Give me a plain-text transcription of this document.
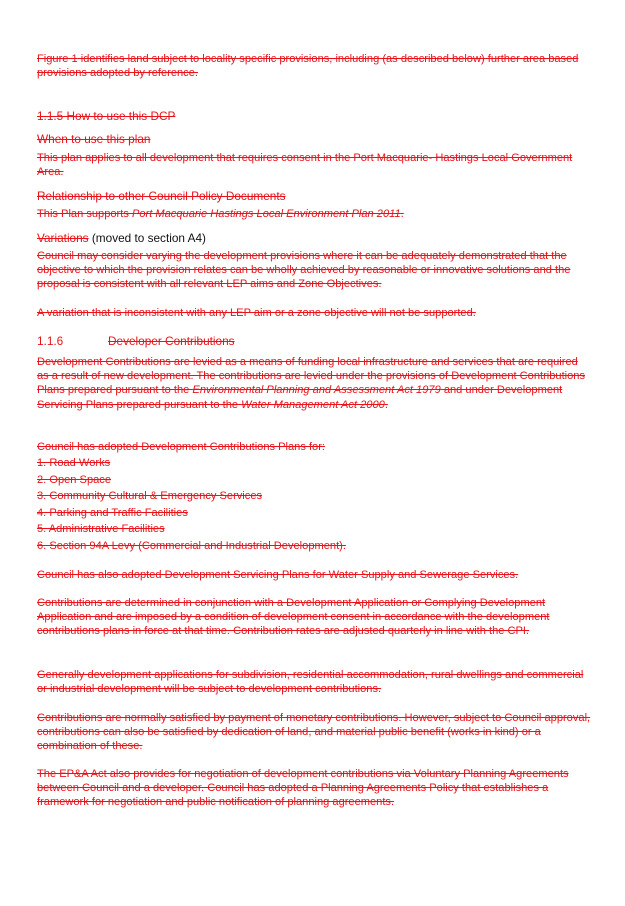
Figure 1 identifies land subject to locality specific provisions, including (as described below) further area based provisions adopted by reference.
1.1.5 How to use this DCP
When to use this plan
This plan applies to all development that requires consent in the Port Macquarie- Hastings Local Government Area.
Relationship to other Council Policy Documents
This Plan supports Port Macquarie Hastings Local Environment Plan 2011.
Variations (moved to section A4)
Council may consider varying the development provisions where it can be adequately demonstrated that the objective to which the provision relates can be wholly achieved by reasonable or innovative solutions and the proposal is consistent with all relevant LEP aims and Zone Objectives.
A variation that is inconsistent with any LEP aim or a zone objective will not be supported.
1.1.6	Developer Contributions
Development Contributions are levied as a means of funding local infrastructure and services that are required as a result of new development. The contributions are levied under the provisions of Development Contributions Plans prepared pursuant to the Environmental Planning and Assessment Act 1979 and under Development Servicing Plans prepared pursuant to the Water Management Act 2000.
Council has adopted Development Contributions Plans for:
1. Road Works
2. Open Space
3. Community Cultural & Emergency Services
4. Parking and Traffic Facilities
5. Administrative Facilities
6. Section 94A Levy (Commercial and Industrial Development).
Council has also adopted Development Servicing Plans for Water Supply and Sewerage Services.
Contributions are determined in conjunction with a Development Application or Complying Development Application and are imposed by a condition of development consent in accordance with the development contributions plans in force at that time. Contribution rates are adjusted quarterly in line with the CPI.
Generally development applications for subdivision, residential accommodation, rural dwellings and commercial or industrial development will be subject to development contributions.
Contributions are normally satisfied by payment of monetary contributions. However, subject to Council approval, contributions can also be satisfied by dedication of land, and material public benefit (works in kind) or a combination of these.
The EP&A Act also provides for negotiation of development contributions via Voluntary Planning Agreements between Council and a developer. Council has adopted a Planning Agreements Policy that establishes a framework for negotiation and public notification of planning agreements.
